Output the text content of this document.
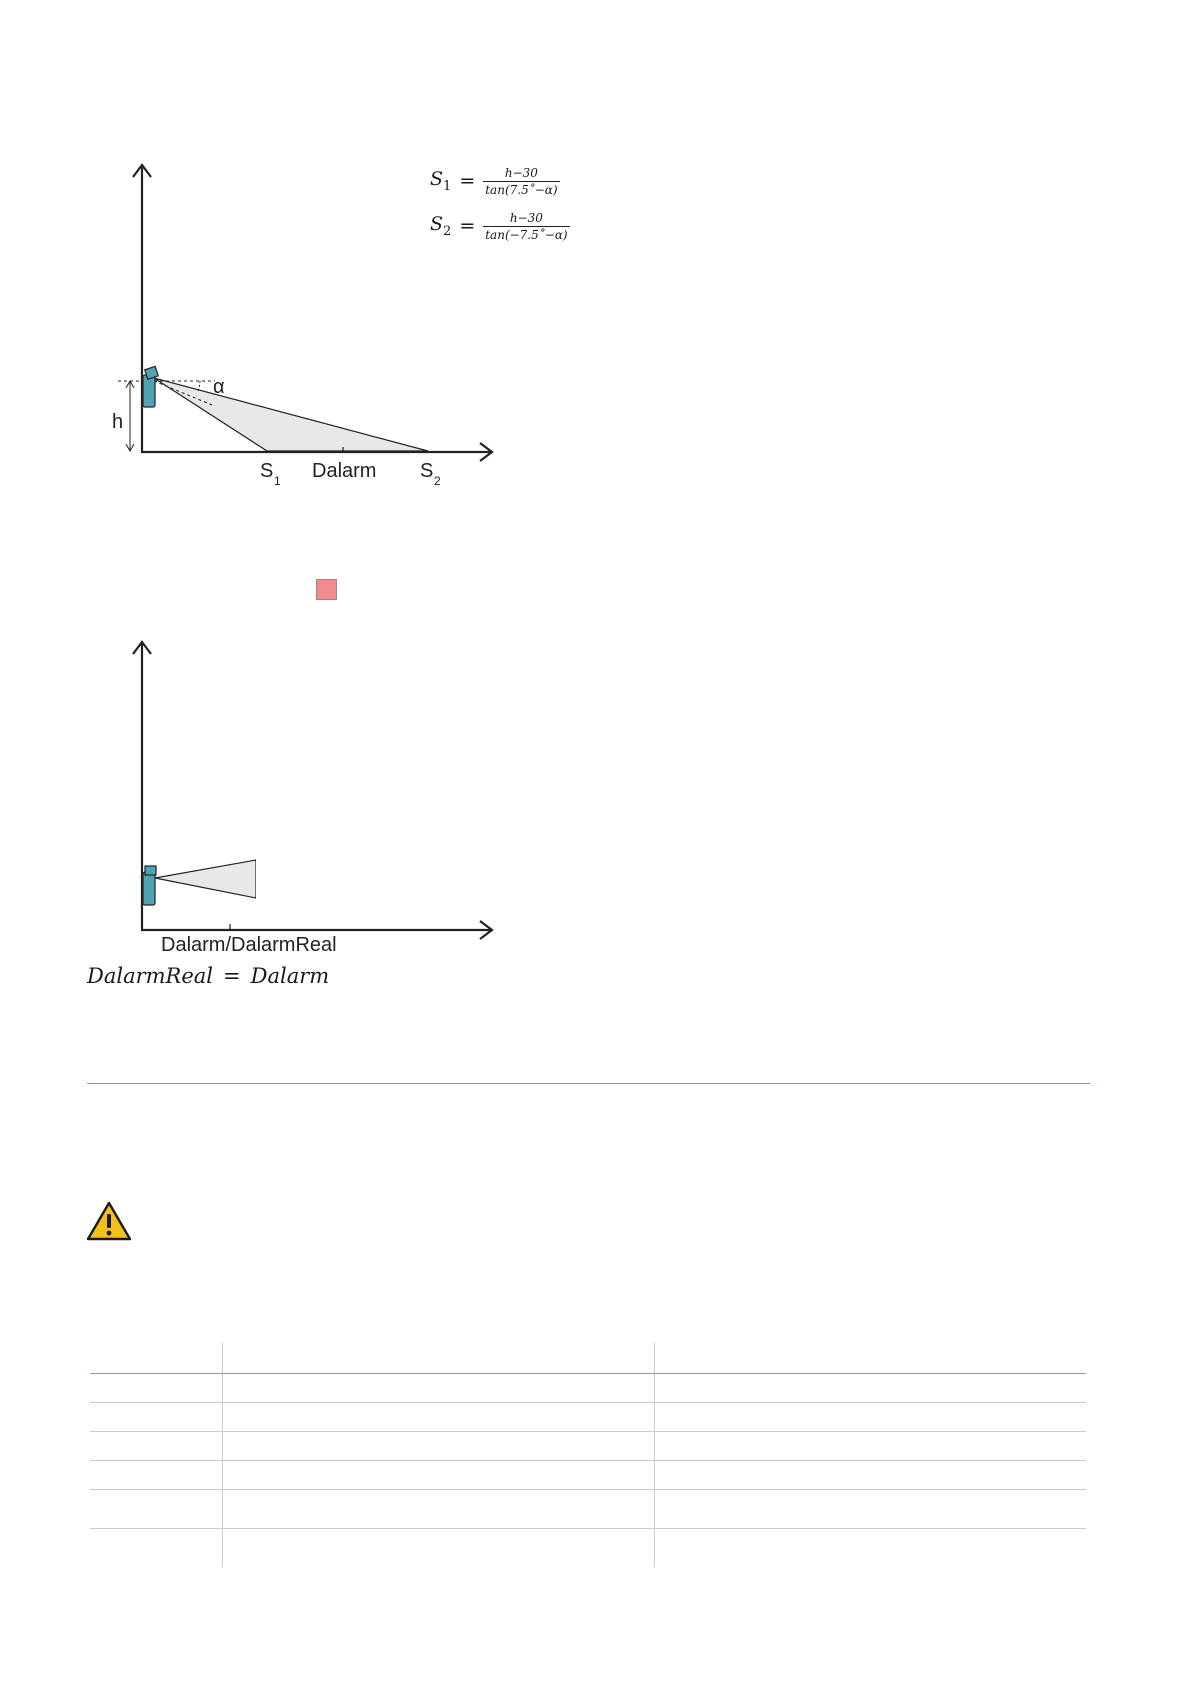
h
α
S 1 Dalarm S 2
$S_1 = \frac{h-30}{\tan(7.5˚-\alpha)}$
$S_2 = \frac{h-30}{\tan(-7.5˚-\alpha)}$
Dalarm/DalarmReal
DalarmReal = Dalarm
